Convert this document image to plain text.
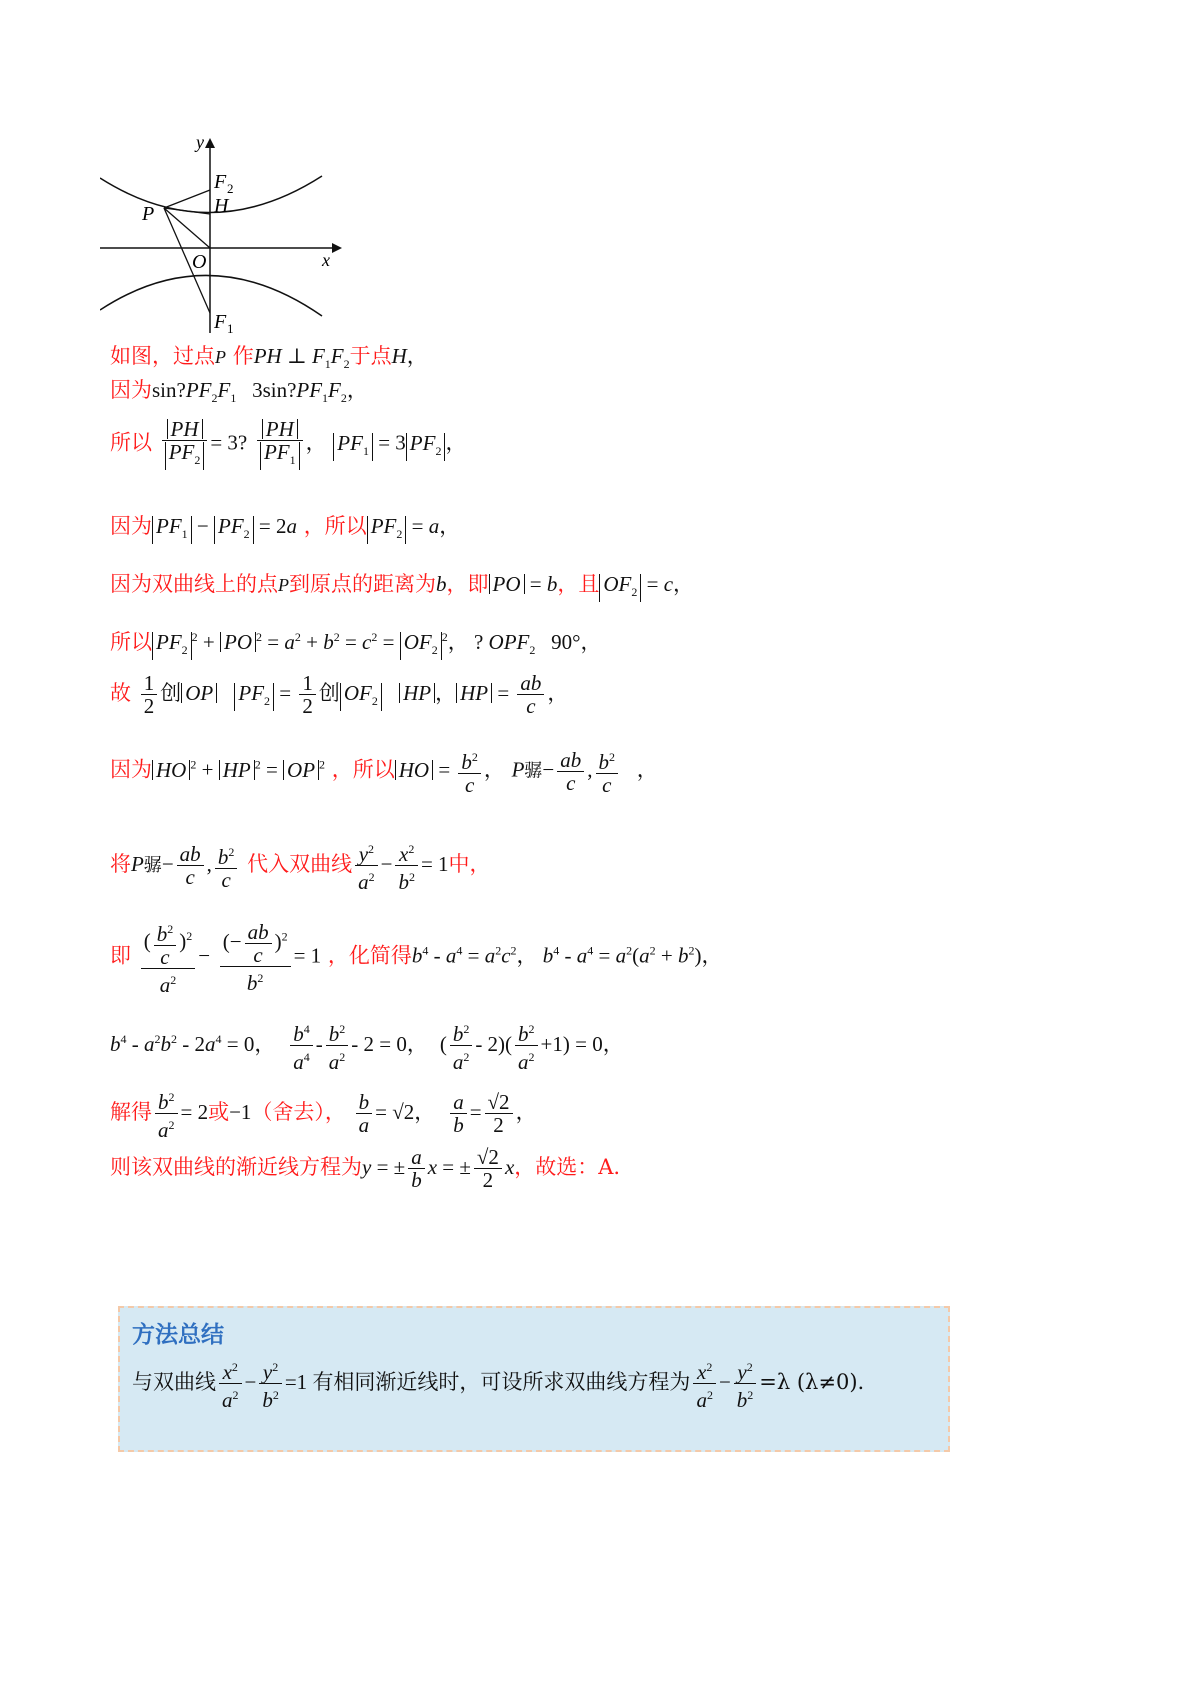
y
x
O
P	H
F 2
F 1
如图，过点P 作PH ⊥ $F_1F_2$于点H，
因为$\sin?PF_2F_1$   $3\sin?PF_1F_2$，
所以 $\frac{PH}{PF_2} = 3$? $\frac{PH}{PF_1}$ ， $PF_1 = 3$ $PF_2$ ，
因为 $PF_1 - PF_2 = 2a$ ，所以 $PF_2 = a$，
因为双曲线上的点P到原点的距离为b，即 PO = b，且 $OF_2 = c$，
所以 $PF_2^2$ + PO $^2 = a^2 + b^2 = c^2 = OF_2^2$， ? $OPF_2$   90°，
故 $\frac{1}{2}$ 创 OP $PF_2 = \frac{1}{2}$ 创 $OF_2$ HP ， HP = $\frac{ab}{c}$ ，
因为 HO $^2$ + HP $^2$ = OP $^2$ ，所以 HO = $\frac{b^2}{c}$ ， P骣− $\frac{ab}{c}$ , $\frac{b^2}{c}$ ，
将P骣− $\frac{ab}{c}$ , $\frac{b^2}{c}$ 代入双曲线 $\frac{y^2}{a^2} - \frac{x^2}{b^2} = 1$中，
即 $\frac{( \frac{b^2}{c} )^2}{a^2} - \frac{(- \frac{ab}{c} )^2}{b^2} = 1$ ，化简得$b^4 - a^4 = a^2c^2$， $b^4 - a^4 = a^2(a^2 + b^2)$，
$b^4 - a^2b^2 - 2a^4 = 0$， $\frac{b^4}{a^4} - \frac{b^2}{a^2} - 2 = 0$，  ( $\frac{b^2}{a^2} - 2)( \frac{b^2}{a^2} +1) = 0$，
解得 $\frac{b^2}{a^2} = 2$或−1（舍去）， $\frac{b}{a} = √2$， $\frac{a}{b} = \frac{√2}{2}$ ，
则该双曲线的渐近线方程为y = ± $\frac{a}{b}$ x = ± $\frac{√2}{2}$ x，故选：A.
方法总结
与双曲线 $\frac{x^2}{a^2} - \frac{y^2}{b^2} =1$ 有相同渐近线时，可设所求双曲线方程为 $\frac{x^2}{a^2} - \frac{y^2}{b^2} =\lambda$ (λ≠0).
